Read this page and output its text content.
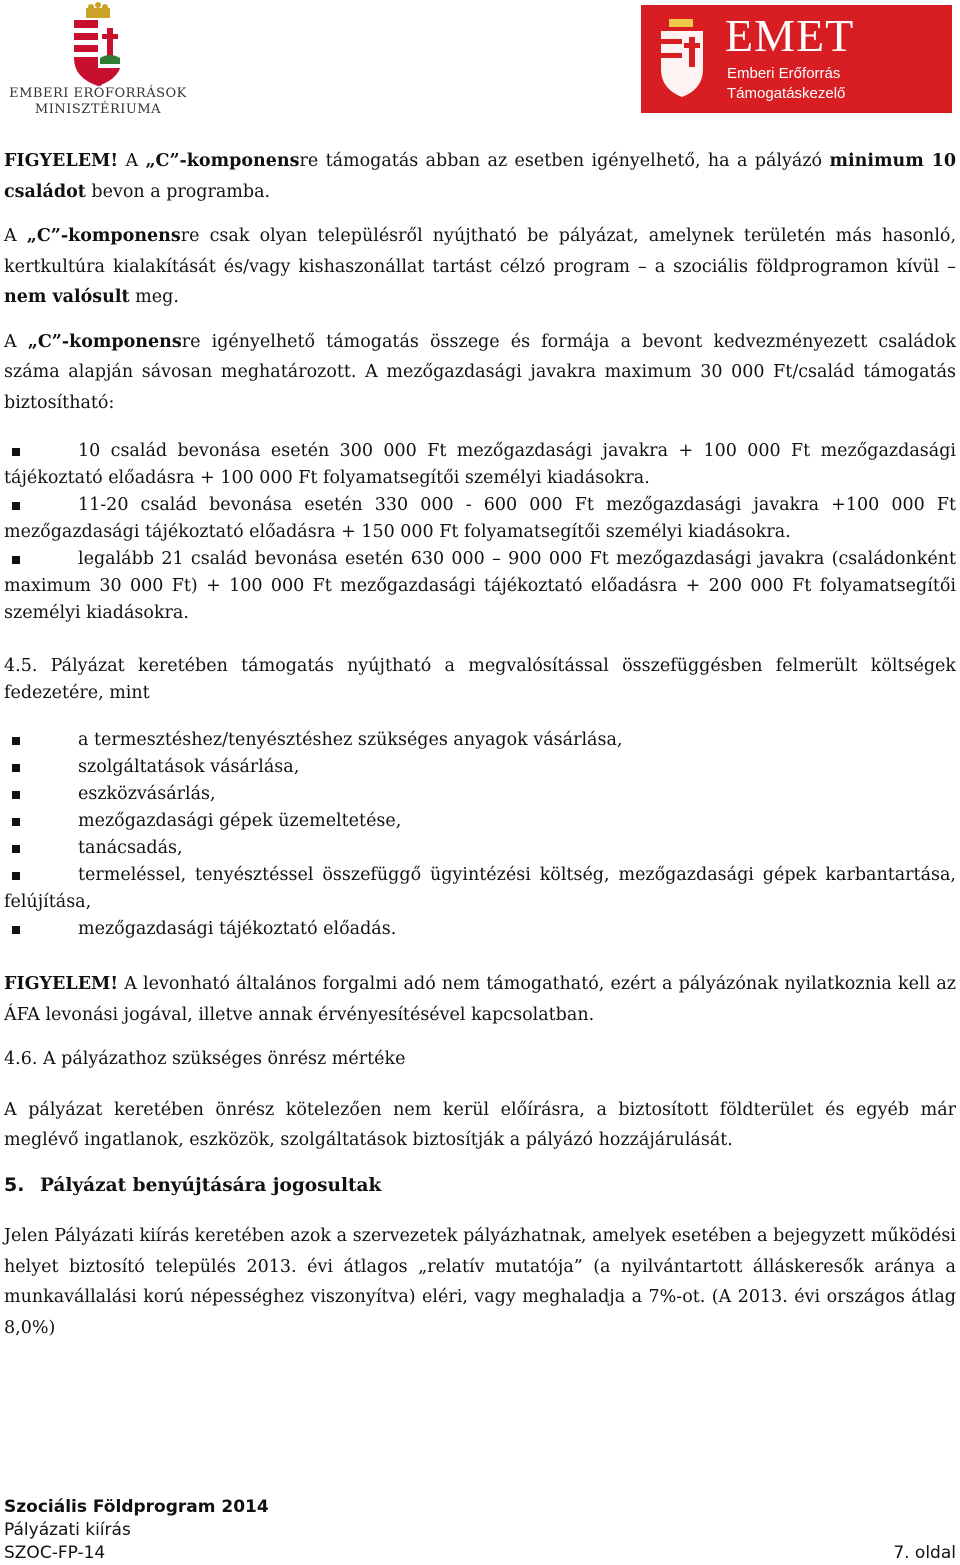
EMBERI ERŐFORRÁSOK
MINISZTÉRIUMA
EMET
Emberi Erőforrás
Támogatáskezelő

FIGYELEM! A „C”-komponensre támogatás abban az esetben igényelhető, ha a pályázó minimum 10 családot bevon a programba.

A „C”-komponensre csak olyan településről nyújtható be pályázat, amelynek területén más hasonló, kertkultúra kialakítását és/vagy kishaszonállat tartást célzó program – a szociális földprogramon kívül – nem valósult meg.

A „C”-komponensre igényelhető támogatás összege és formája a bevont kedvezményezett családok száma alapján sávosan meghatározott. A mezőgazdasági javakra maximum 30 000 Ft/család támogatás biztosítható:

10 család bevonása esetén 300 000 Ft mezőgazdasági javakra + 100 000 Ft mezőgazdasági tájékoztató előadásra + 100 000 Ft folyamatsegítői személyi kiadásokra.
11-20 család bevonása esetén 330 000 - 600 000 Ft mezőgazdasági javakra +100 000 Ft mezőgazdasági tájékoztató előadásra + 150 000 Ft folyamatsegítői személyi kiadásokra.
legalább 21 család bevonása esetén 630 000 – 900 000 Ft mezőgazdasági javakra (családonként maximum 30 000 Ft) + 100 000 Ft mezőgazdasági tájékoztató előadásra + 200 000 Ft folyamatsegítői személyi kiadásokra.

4.5. Pályázat keretében támogatás nyújtható a megvalósítással összefüggésben felmerült költségek fedezetére, mint

a termesztéshez/tenyésztéshez szükséges anyagok vásárlása,
szolgáltatások vásárlása,
eszközvásárlás,
mezőgazdasági gépek üzemeltetése,
tanácsadás,
termeléssel, tenyésztéssel összefüggő ügyintézési költség, mezőgazdasági gépek karbantartása, felújítása,
mezőgazdasági tájékoztató előadás.

FIGYELEM! A levonható általános forgalmi adó nem támogatható, ezért a pályázónak nyilatkoznia kell az ÁFA levonási jogával, illetve annak érvényesítésével kapcsolatban.

4.6. A pályázathoz szükséges önrész mértéke

A pályázat keretében önrész kötelezően nem kerül előírásra, a biztosított földterület és egyéb már meglévő ingatlanok, eszközök, szolgáltatások biztosítják a pályázó hozzájárulását.

5. Pályázat benyújtására jogosultak

Jelen Pályázati kiírás keretében azok a szervezetek pályázhatnak, amelyek esetében a bejegyzett működési helyet biztosító település 2013. évi átlagos „relatív mutatója” (a nyilvántartott álláskeresők aránya a munkavállalási korú népességhez viszonyítva) eléri, vagy meghaladja a 7%-ot. (A 2013. évi országos átlag 8,0%)

Szociális Földprogram 2014
Pályázati kiírás
SZOC-FP-14	7. oldal
